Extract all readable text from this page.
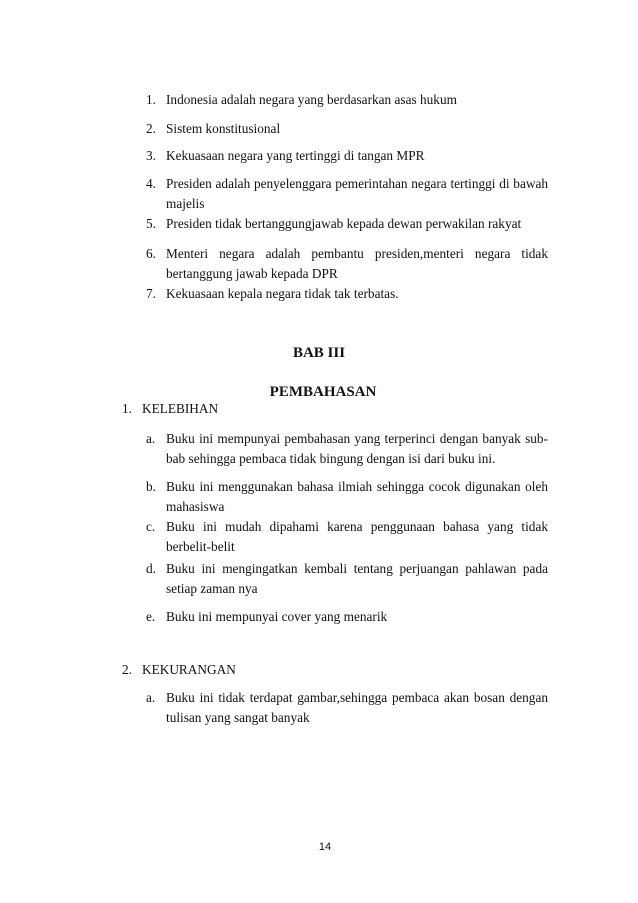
1. Indonesia adalah negara yang berdasarkan asas hukum
2. Sistem konstitusional
3. Kekuasaan negara yang tertinggi di tangan MPR
4. Presiden adalah penyelenggara pemerintahan negara tertinggi di bawah majelis
5. Presiden tidak bertanggungjawab kepada dewan perwakilan rakyat
6. Menteri negara adalah pembantu presiden,menteri negara tidak bertanggung jawab kepada DPR
7. Kekuasaan kepala negara tidak tak terbatas.
BAB III
PEMBAHASAN
1. KELEBIHAN
a. Buku ini mempunyai pembahasan yang terperinci dengan banyak sub-bab sehingga pembaca tidak bingung dengan isi dari buku ini.
b. Buku ini menggunakan bahasa ilmiah sehingga cocok digunakan oleh mahasiswa
c. Buku ini mudah dipahami karena penggunaan bahasa yang tidak berbelit-belit
d. Buku ini mengingatkan kembali tentang perjuangan pahlawan pada setiap zaman nya
e. Buku ini mempunyai cover yang menarik
2. KEKURANGAN
a. Buku ini tidak terdapat gambar,sehingga pembaca akan bosan dengan tulisan yang sangat banyak
14
